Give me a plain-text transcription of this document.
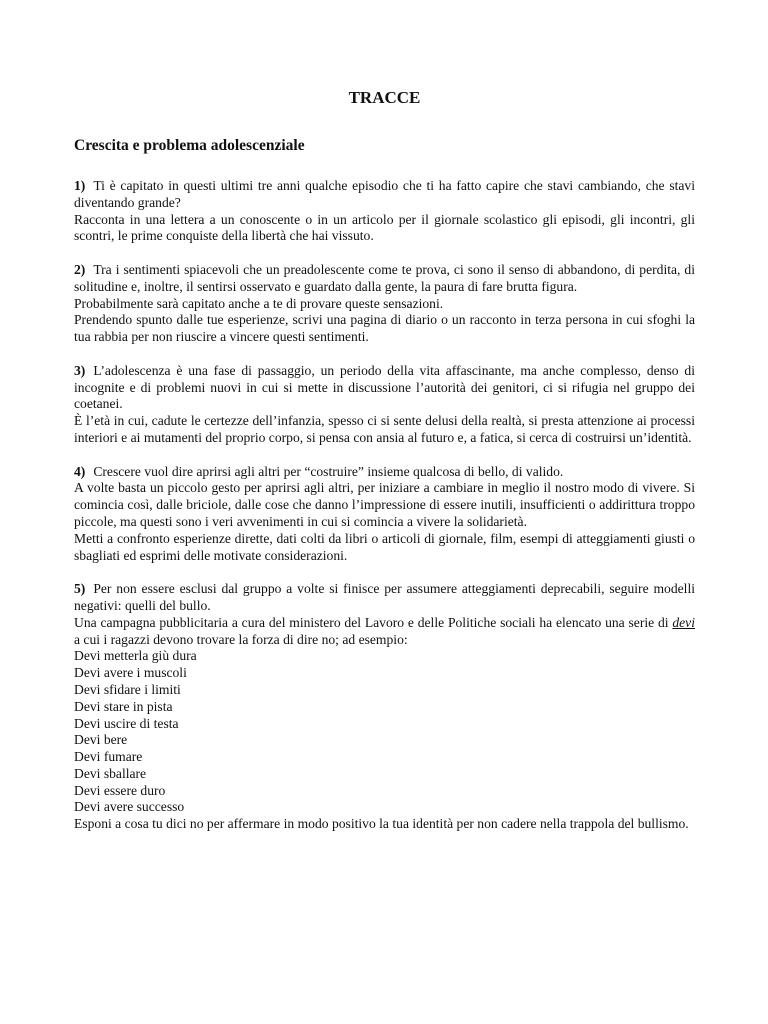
TRACCE
Crescita e problema adolescenziale

1) Ti è capitato in questi ultimi tre anni qualche episodio che ti ha fatto capire che stavi cambiando, che stavi diventando grande?

Racconta in una lettera a un conoscente o in un articolo per il giornale scolastico gli episodi, gli incontri, gli scontri, le prime conquiste della libertà che hai vissuto.

2) Tra i sentimenti spiacevoli che un preadolescente come te prova, ci sono il senso di abbandono, di perdita, di solitudine e, inoltre, il sentirsi osservato e guardato dalla gente, la paura di fare brutta figura.

Probabilmente sarà capitato anche a te di provare queste sensazioni.

Prendendo spunto dalle tue esperienze, scrivi una pagina di diario o un racconto in terza persona in cui sfoghi la tua rabbia per non riuscire a vincere questi sentimenti.

3) L’adolescenza è una fase di passaggio, un periodo della vita affascinante, ma anche complesso, denso di incognite e di problemi nuovi in cui si mette in discussione l’autorità dei genitori, ci si rifugia nel gruppo dei coetanei.

È l’età in cui, cadute le certezze dell’infanzia, spesso ci si sente delusi della realtà, si presta attenzione ai processi interiori e ai mutamenti del proprio corpo, si pensa con ansia al futuro e, a fatica, si cerca di costruirsi un’identità.

4) Crescere vuol dire aprirsi agli altri per “costruire” insieme qualcosa di bello, di valido.

A volte basta un piccolo gesto per aprirsi agli altri, per iniziare a cambiare in meglio il nostro modo di vivere. Si comincia così, dalle briciole, dalle cose che danno l’impressione di essere inutili, insufficienti o addirittura troppo piccole, ma questi sono i veri avvenimenti in cui si comincia a vivere la solidarietà.

Metti a confronto esperienze dirette, dati colti da libri o articoli di giornale, film, esempi di atteggiamenti giusti o sbagliati ed esprimi delle motivate considerazioni.

5) Per non essere esclusi dal gruppo a volte si finisce per assumere atteggiamenti deprecabili, seguire modelli negativi: quelli del bullo.

Una campagna pubblicitaria a cura del ministero del Lavoro e delle Politiche sociali ha elencato una serie di devi a cui i ragazzi devono trovare la forza di dire no; ad esempio:

Devi metterla giù dura

Devi avere i muscoli

Devi sfidare i limiti

Devi stare in pista

Devi uscire di testa

Devi bere

Devi fumare

Devi sballare

Devi essere duro

Devi avere successo

Esponi a cosa tu dici no per affermare in modo positivo la tua identità per non cadere nella trappola del bullismo.
